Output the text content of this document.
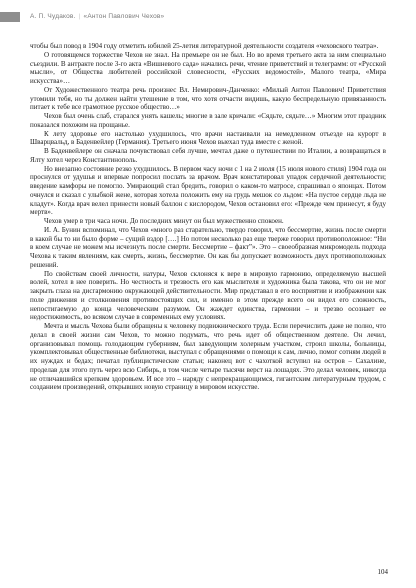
А. П. Чудаков. | «Антон Павлович Чехов»

чтобы был повод в 1904 году отметить юбилей 25-летия литературной деятельности создателя «чеховского театра».

О готовящемся торжестве Чехов не знал. На премьере он не был. Но во время третьего акта за ним специально съездили. В антракте после 3-го акта «Вишневого сада» начались речи, чтение приветствий и телеграмм: от «Русской мысли», от Общества любителей российской словесности, «Русских ведомостей», Малого театра, «Мира искусства»…

От Художественного театра речь произнес Вл. Немирович-Данченко: «Милый Антон Павлович! Приветствия утомили тебя, но ты должен найти утешение в том, что хотя отчасти видишь, какую беспредельную привязанность питает к тебе все грамотное русское общество…»

Чехов был очень слаб, старался унять кашель; многие в зале кричали: «Сядьте, сядьте…» Многим этот праздник показался похожим на прощанье.

К лету здоровье его настолько ухудшилось, что врачи настаивали на немедленном отъезде на курорт в Шварцвальд, в Баденвейлер (Германия). Третьего июня Чехов выехал туда вместе с женой.

В Баденвейлере он сначала почувствовал себя лучше, мечтал даже о путешествии по Италии, а возвращаться в Ялту хотел через Константинополь.

Но внезапно состояние резко ухудшилось. В первом часу ночи с 1 на 2 июля (15 июля нового стиля) 1904 года он проснулся от удушья и впервые попросил послать за врачом. Врач констатировал упадок сердечной деятельности; введение камфоры не помогло. Умирающий стал бредить, говорил о каком-то матросе, спрашивал о японцах. Потом очнулся и сказал с улыбкой жене, которая хотела положить ему на грудь мешок со льдом: «На пустое сердце льда не кладут». Когда врач велел принести новый баллон с кислородом, Чехов остановил его: «Прежде чем принесут, я буду мертв».

Чехов умер в три часа ночи. До последних минут он был мужественно спокоен.

И. А. Бунин вспоминал, что Чехов «много раз старательно, твердо говорил, что бессмертие, жизнь после смерти в какой бы то ни было форме – сущий вздор [….] Но потом несколько раз еще тверже говорил противоположное: “Ни в коем случае не можем мы исчезнуть после смерти. Бессмертие – факт”». Это – своеобразная микромодель подхода Чехова к таким явлениям, как смерть, жизнь, бессмертие. Он как бы допускает возможность двух противоположных решений.

По свойствам своей личности, натуры, Чехов склоняся к вере в мировую гармонию, определяемую высшей волей, хотел в нее поверить. Но честность и трезвость его как мыслителя и художника была такова, что он не мог закрыть глаза на дисгармонию окружающей действительности. Мир представал в его восприятии и изображении как поле движения и столкновения противостоящих сил, и именно в этом прежде всего он видел его сложность, непостигаемую до конца человеческим разумом. Он жаждет единства, гармонии – и трезво осознает ее недостижимость, во всяком случае в современных ему условиях.

Мечта и мысль Чехова были обращены к человеку подвижнического труда. Если перечислить даже не полно, что делал в своей жизни сам Чехов, то можно подумать, что речь идет об общественном деятеле. Он лечил, организовывал помощь голодающим губерниям, был заведующим холерным участком, строил школы, больницы, укомплектовывал общественные библиотеки, выступал с обращениями о помощи к сам, лично, помог сотням людей в их нуждах и бедах; печатал публицистические статьи; наконец вот с чахоткой вступил на остров – Сахалине, проделав для этого путь через всю Сибирь, в том числе четыре тысячи верст на лошадях. Это делал человек, никогда не отличавшийся крепким здоровьем. И все это – наряду с непрекращающимся, гигантским литературным трудом, с созданием произведений, открывших новую страницу в мировом искусстве.

104
